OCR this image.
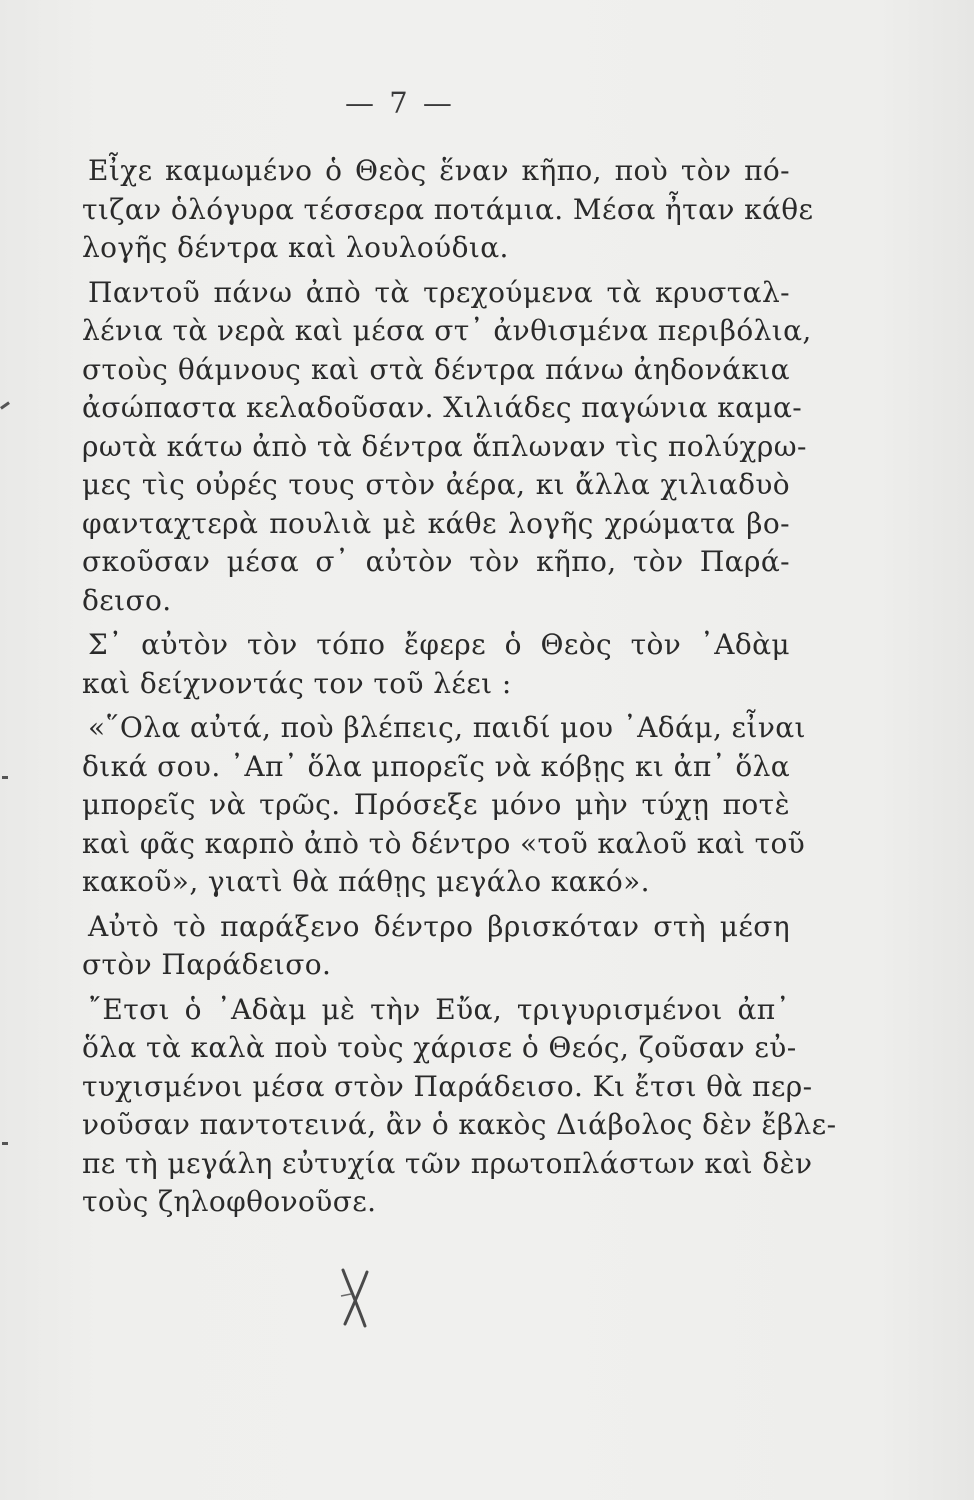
— 7 —
Εἶχε καμωμένο ὁ Θεὸς ἕναν κῆπο, ποὺ τὸν πό-
τιζαν ὁλόγυρα τέσσερα ποτάμια. Μέσα ἦταν κάθε
λογῆς δέντρα καὶ λουλούδια.
Παντοῦ πάνω ἀπὸ τὰ τρεχούμενα τὰ κρυσταλ-
λένια τὰ νερὰ καὶ μέσα στ᾽ ἀνθισμένα περιβόλια,
στοὺς θάμνους καὶ στὰ δέντρα πάνω ἀηδονάκια
ἀσώπαστα κελαδοῦσαν. Χιλιάδες παγώνια καμα-
ρωτὰ κάτω ἀπὸ τὰ δέντρα ἅπλωναν τὶς πολύχρω-
μες τὶς οὐρές τους στὸν ἀέρα, κι ἄλλα χιλιαδυὸ
φανταχτερὰ πουλιὰ μὲ κάθε λογῆς χρώματα βο-
σκοῦσαν μέσα σ᾽ αὐτὸν τὸν κῆπο, τὸν Παρά-
δεισο.
Σ᾽ αὐτὸν τὸν τόπο ἔφερε ὁ Θεὸς τὸν ᾽Αδὰμ
καὶ δείχνοντάς τον τοῦ λέει :
«῞Ολα αὐτά, ποὺ βλέπεις, παιδί μου ᾽Αδάμ, εἶναι
δικά σου. ᾽Απ᾽ ὅλα μπορεῖς νὰ κόβῃς κι ἀπ᾽ ὅλα
μπορεῖς νὰ τρῶς. Πρόσεξε μόνο μὴν τύχῃ ποτὲ
καὶ φᾶς καρπὸ ἀπὸ τὸ δέντρο «τοῦ καλοῦ καὶ τοῦ
κακοῦ», γιατὶ θὰ πάθῃς μεγάλο κακό».
Αὐτὸ τὸ παράξενο δέντρο βρισκόταν στὴ μέση
στὸν Παράδεισο.
῎Ετσι ὁ ᾽Αδὰμ μὲ τὴν Εὔα, τριγυρισμένοι ἀπ᾽
ὅλα τὰ καλὰ ποὺ τοὺς χάρισε ὁ Θεός, ζοῦσαν εὐ-
τυχισμένοι μέσα στὸν Παράδεισο. Κι ἔτσι θὰ περ-
νοῦσαν παντοτεινά, ἂν ὁ κακὸς Διάβολος δὲν ἔβλε-
πε τὴ μεγάλη εὐτυχία τῶν πρωτοπλάστων καὶ δὲν
τοὺς ζηλοφθονοῦσε.
